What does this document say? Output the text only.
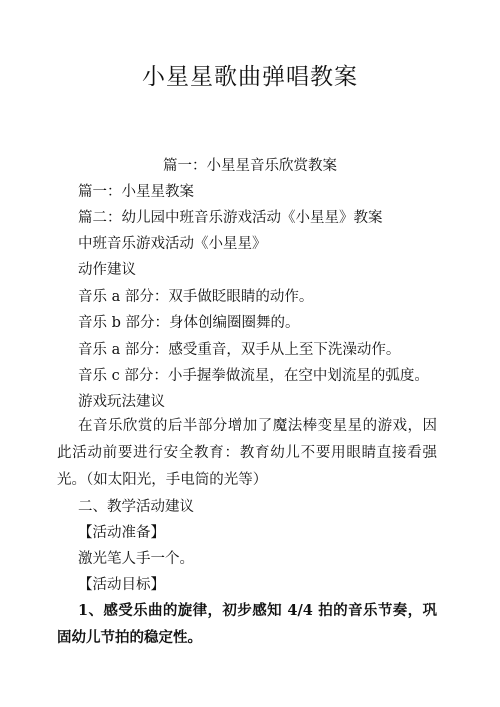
小星星歌曲弹唱教案
篇一：小星星音乐欣赏教案
篇一：小星星教案
篇二：幼儿园中班音乐游戏活动《小星星》教案
中班音乐游戏活动《小星星》
动作建议
音乐 a 部分：双手做眨眼睛的动作。
音乐 b 部分：身体创编圈圈舞的。
音乐 a 部分：感受重音，双手从上至下洗澡动作。
音乐 c 部分：小手握拳做流星，在空中划流星的弧度。
游戏玩法建议
在音乐欣赏的后半部分增加了魔法棒变星星的游戏，因此活动前要进行安全教育：教育幼儿不要用眼睛直接看强光。（如太阳光，手电筒的光等）
二、教学活动建议
【活动准备】
激光笔人手一个。
【活动目标】
1、感受乐曲的旋律，初步感知 4/4 拍的音乐节奏，巩固幼儿节拍的稳定性。
